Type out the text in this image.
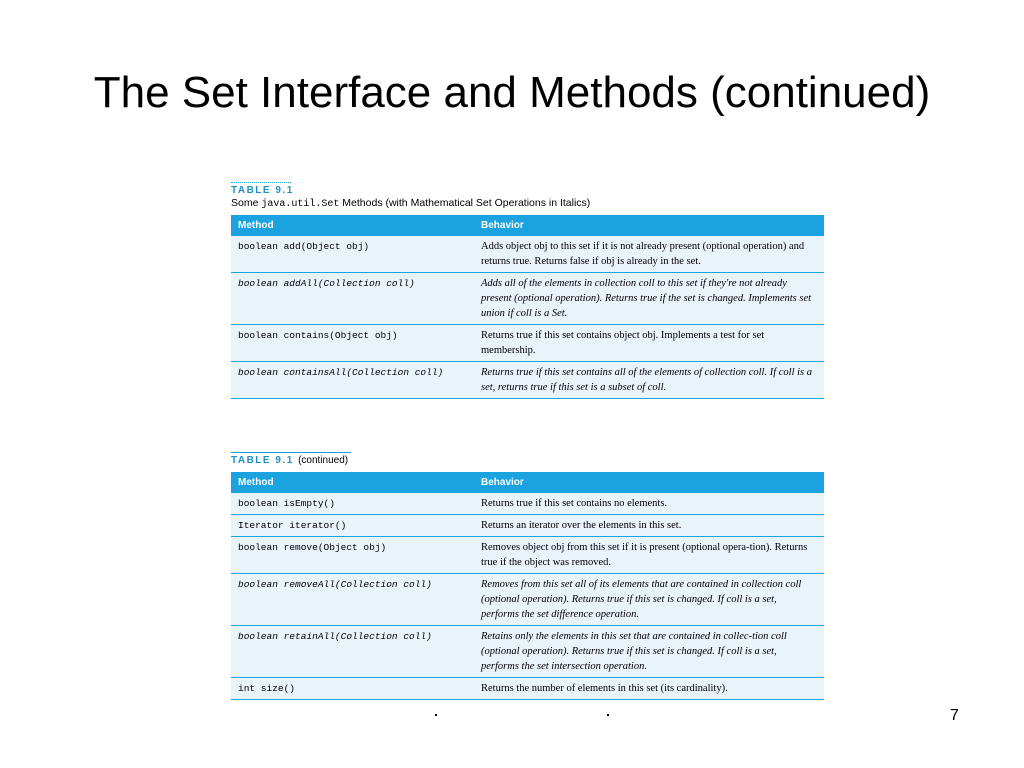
The Set Interface and Methods (continued)
TABLE 9.1
Some java.util.Set Methods (with Mathematical Set Operations in Italics)
Method	Behavior
boolean add(Object obj)	Adds object obj to this set if it is not already present (optional operation) and returns true. Returns false if obj is already in the set.
boolean addAll(Collection coll)	Adds all of the elements in collection coll to this set if they're not already present (optional operation). Returns true if the set is changed. Implements set union if coll is a Set.
boolean contains(Object obj)	Returns true if this set contains object obj. Implements a test for set membership.
boolean containsAll(Collection coll)	Returns true if this set contains all of the elements of collection coll. If coll is a set, returns true if this set is a subset of coll.
TABLE 9.1 (continued)
Method	Behavior
boolean isEmpty()	Returns true if this set contains no elements.
Iterator iterator()	Returns an iterator over the elements in this set.
boolean remove(Object obj)	Removes object obj from this set if it is present (optional opera-tion). Returns true if the object was removed.
boolean removeAll(Collection coll)	Removes from this set all of its elements that are contained in collection coll (optional operation). Returns true if this set is changed. If coll is a set, performs the set difference operation.
boolean retainAll(Collection coll)	Retains only the elements in this set that are contained in collec-tion coll (optional operation). Returns true if this set is changed. If coll is a set, performs the set intersection operation.
int size()	Returns the number of elements in this set (its cardinality).
7
